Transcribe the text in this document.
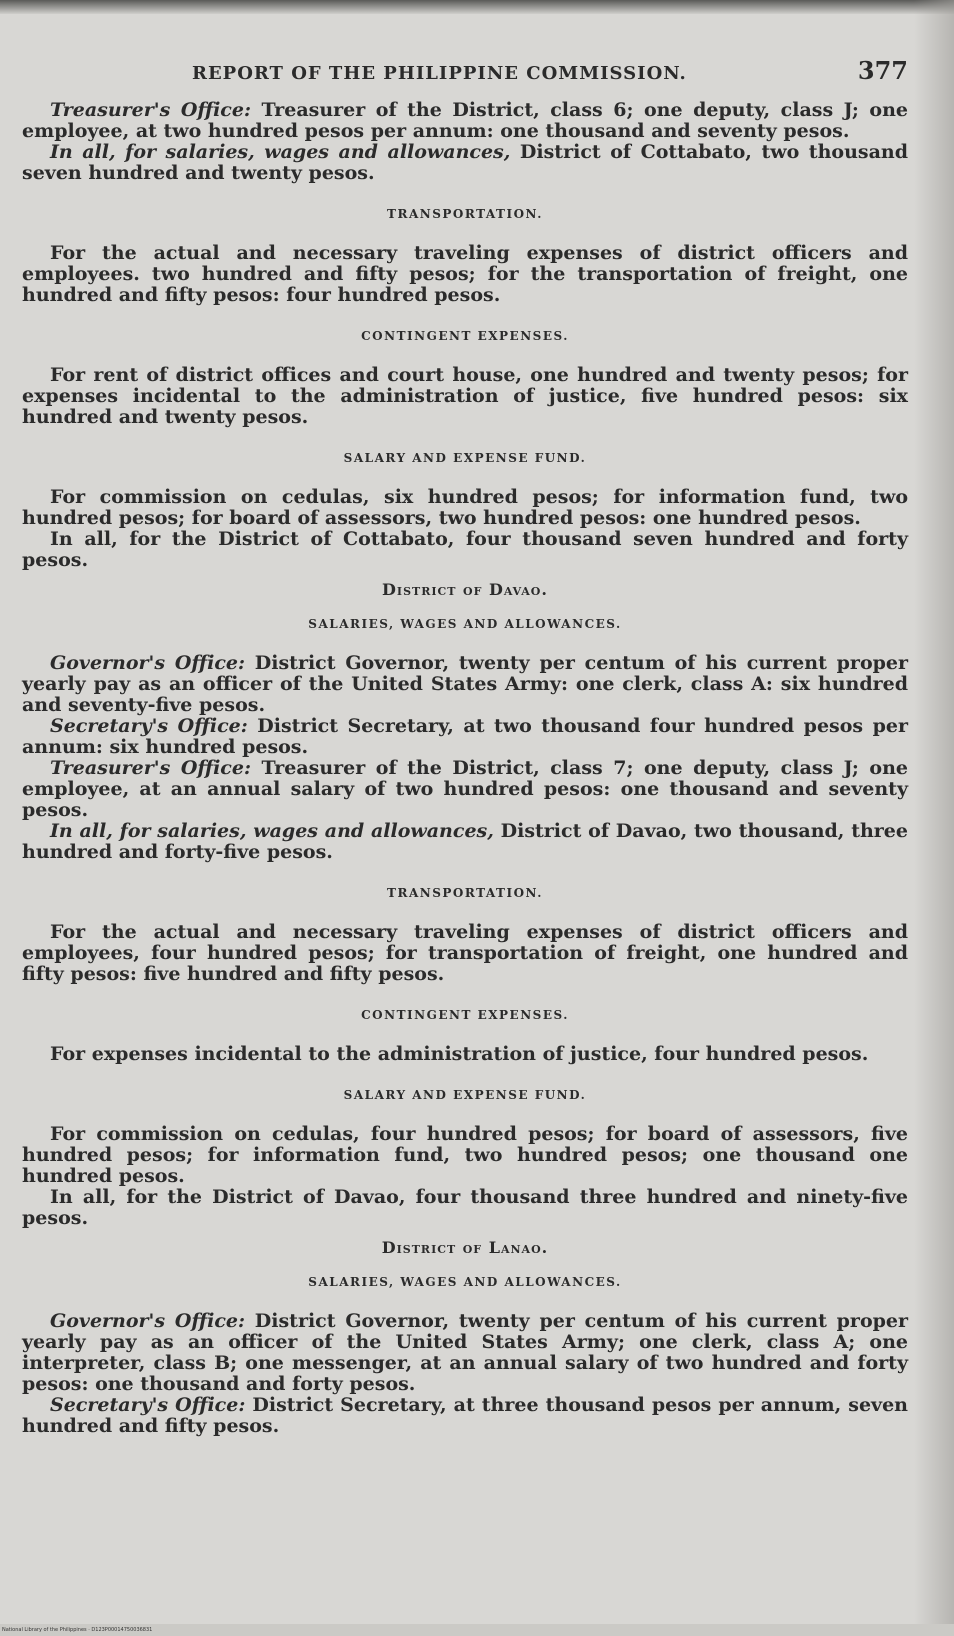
REPORT OF THE PHILIPPINE COMMISSION.	377

Treasurer's Office: Treasurer of the District, class 6; one deputy, class J; one employee, at two hundred pesos per annum: one thousand and seventy pesos.

In all, for salaries, wages and allowances, District of Cottabato, two thousand seven hundred and twenty pesos.

TRANSPORTATION.

For the actual and necessary traveling expenses of district officers and employees. two hundred and fifty pesos; for the transportation of freight, one hundred and fifty pesos: four hundred pesos.

CONTINGENT EXPENSES.

For rent of district offices and court house, one hundred and twenty pesos; for expenses incidental to the administration of justice, five hundred pesos: six hundred and twenty pesos.

SALARY AND EXPENSE FUND.

For commission on cedulas, six hundred pesos; for information fund, two hundred pesos; for board of assessors, two hundred pesos: one hundred pesos.

In all, for the District of Cottabato, four thousand seven hundred and forty pesos.

District of Davao.
SALARIES, WAGES AND ALLOWANCES.

Governor's Office: District Governor, twenty per centum of his current proper yearly pay as an officer of the United States Army: one clerk, class A: six hundred and seventy-five pesos.

Secretary's Office: District Secretary, at two thousand four hundred pesos per annum: six hundred pesos.

Treasurer's Office: Treasurer of the District, class 7; one deputy, class J; one employee, at an annual salary of two hundred pesos: one thousand and seventy pesos.

In all, for salaries, wages and allowances, District of Davao, two thousand, three hundred and forty-five pesos.

TRANSPORTATION.

For the actual and necessary traveling expenses of district officers and employees, four hundred pesos; for transportation of freight, one hundred and fifty pesos: five hundred and fifty pesos.

CONTINGENT EXPENSES.

For expenses incidental to the administration of justice, four hundred pesos.

SALARY AND EXPENSE FUND.

For commission on cedulas, four hundred pesos; for board of assessors, five hundred pesos; for information fund, two hundred pesos; one thousand one hundred pesos.

In all, for the District of Davao, four thousand three hundred and ninety-five pesos.

District of Lanao.
SALARIES, WAGES AND ALLOWANCES.

Governor's Office: District Governor, twenty per centum of his current proper yearly pay as an officer of the United States Army; one clerk, class A; one interpreter, class B; one messenger, at an annual salary of two hundred and forty pesos: one thousand and forty pesos.

Secretary's Office: District Secretary, at three thousand pesos per annum, seven hundred and fifty pesos.

National Library of the Philippines · D123P00014750036831
